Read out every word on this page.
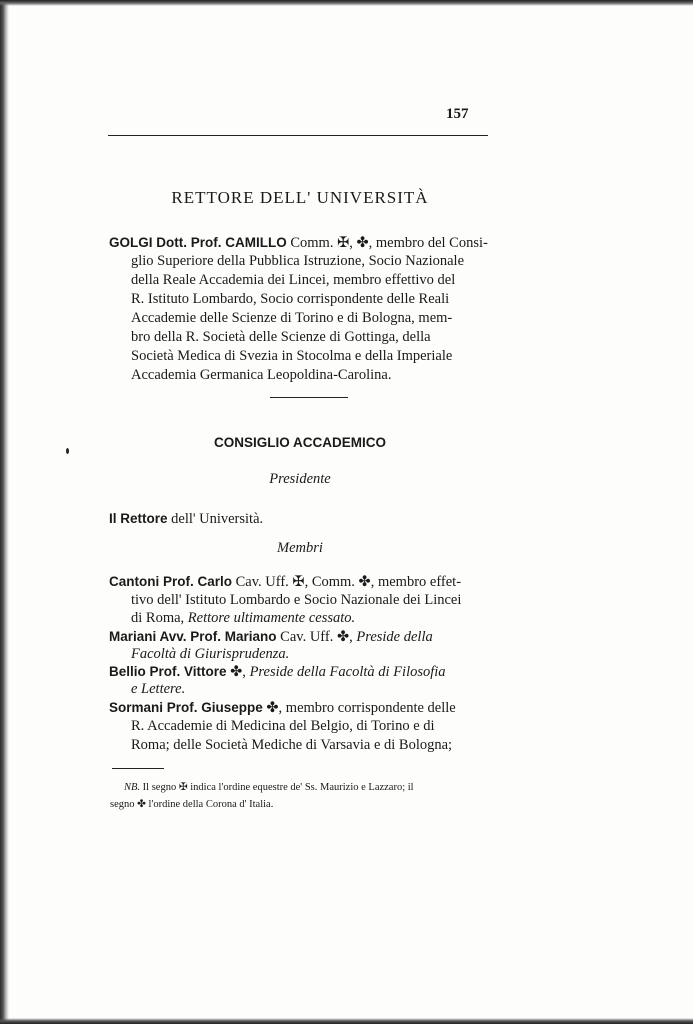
157
RETTORE DELL' UNIVERSITÀ
GOLGI Dott. Prof. CAMILLO Comm. ✠, ✤, membro del Consi-
glio Superiore della Pubblica Istruzione, Socio Nazionale
della Reale Accademia dei Lincei, membro effettivo del
R. Istituto Lombardo, Socio corrispondente delle Reali
Accademie delle Scienze di Torino e di Bologna, mem-
bro della R. Società delle Scienze di Gottinga, della
Società Medica di Svezia in Stocolma e della Imperiale
Accademia Germanica Leopoldina-Carolina.
CONSIGLIO ACCADEMICO
Presidente
Il Rettore dell' Università.
Membri
Cantoni Prof. Carlo Cav. Uff. ✠, Comm. ✤, membro effet-
tivo dell' Istituto Lombardo e Socio Nazionale dei Lincei
di Roma, Rettore ultimamente cessato.
Mariani Avv. Prof. Mariano Cav. Uff. ✤, Preside della
Facoltà di Giurisprudenza.
Bellio Prof. Vittore ✤, Preside della Facoltà di Filosofia
e Lettere.
Sormani Prof. Giuseppe ✤, membro corrispondente delle
R. Accademie di Medicina del Belgio, di Torino e di
Roma; delle Società Mediche di Varsavia e di Bologna;
NB. Il segno ✠ indica l'ordine equestre de' Ss. Maurizio e Lazzaro; il
segno ✤ l'ordine della Corona d' Italia.
